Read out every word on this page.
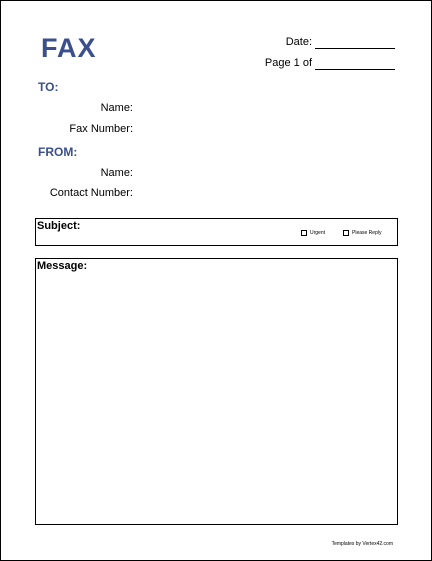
FAX	Date:
Page 1 of
TO:
Name:
Fax Number:
FROM:
Name:
Contact Number:
Subject:
Urgent	Please Reply
Message:
Templates by Vertex42.com
